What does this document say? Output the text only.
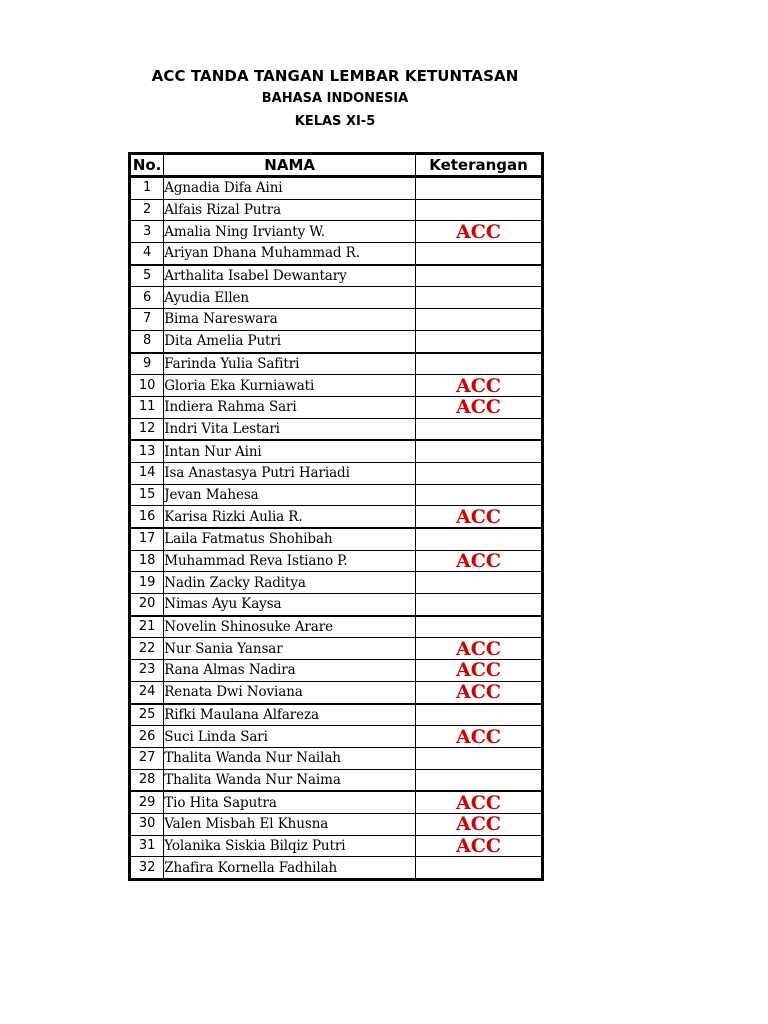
ACC TANDA TANGAN LEMBAR KETUNTASAN
BAHASA INDONESIA
KELAS XI-5
No.	NAMA	Keterangan
1	Agnadia Difa Aini	
2	Alfais Rizal Putra	
3	Amalia Ning Irvianty W.	ACC
4	Ariyan Dhana Muhammad R.	
5	Arthalita Isabel Dewantary	
6	Ayudia Ellen	
7	Bima Nareswara	
8	Dita Amelia Putri	
9	Farinda Yulia Safitri	
10	Gloria Eka Kurniawati	ACC
11	Indiera Rahma Sari	ACC
12	Indri Vita Lestari	
13	Intan Nur Aini	
14	Isa Anastasya Putri Hariadi	
15	Jevan Mahesa	
16	Karisa Rizki Aulia R.	ACC
17	Laila Fatmatus Shohibah	
18	Muhammad Reva Istiano P.	ACC
19	Nadin Zacky Raditya	
20	Nimas Ayu Kaysa	
21	Novelin Shinosuke Arare	
22	Nur Sania Yansar	ACC
23	Rana Almas Nadira	ACC
24	Renata Dwi Noviana	ACC
25	Rifki Maulana Alfareza	
26	Suci Linda Sari	ACC
27	Thalita Wanda Nur Nailah	
28	Thalita Wanda Nur Naima	
29	Tio Hita Saputra	ACC
30	Valen Misbah El Khusna	ACC
31	Yolanika Siskia Bilqiz Putri	ACC
32	Zhafira Kornella Fadhilah	
